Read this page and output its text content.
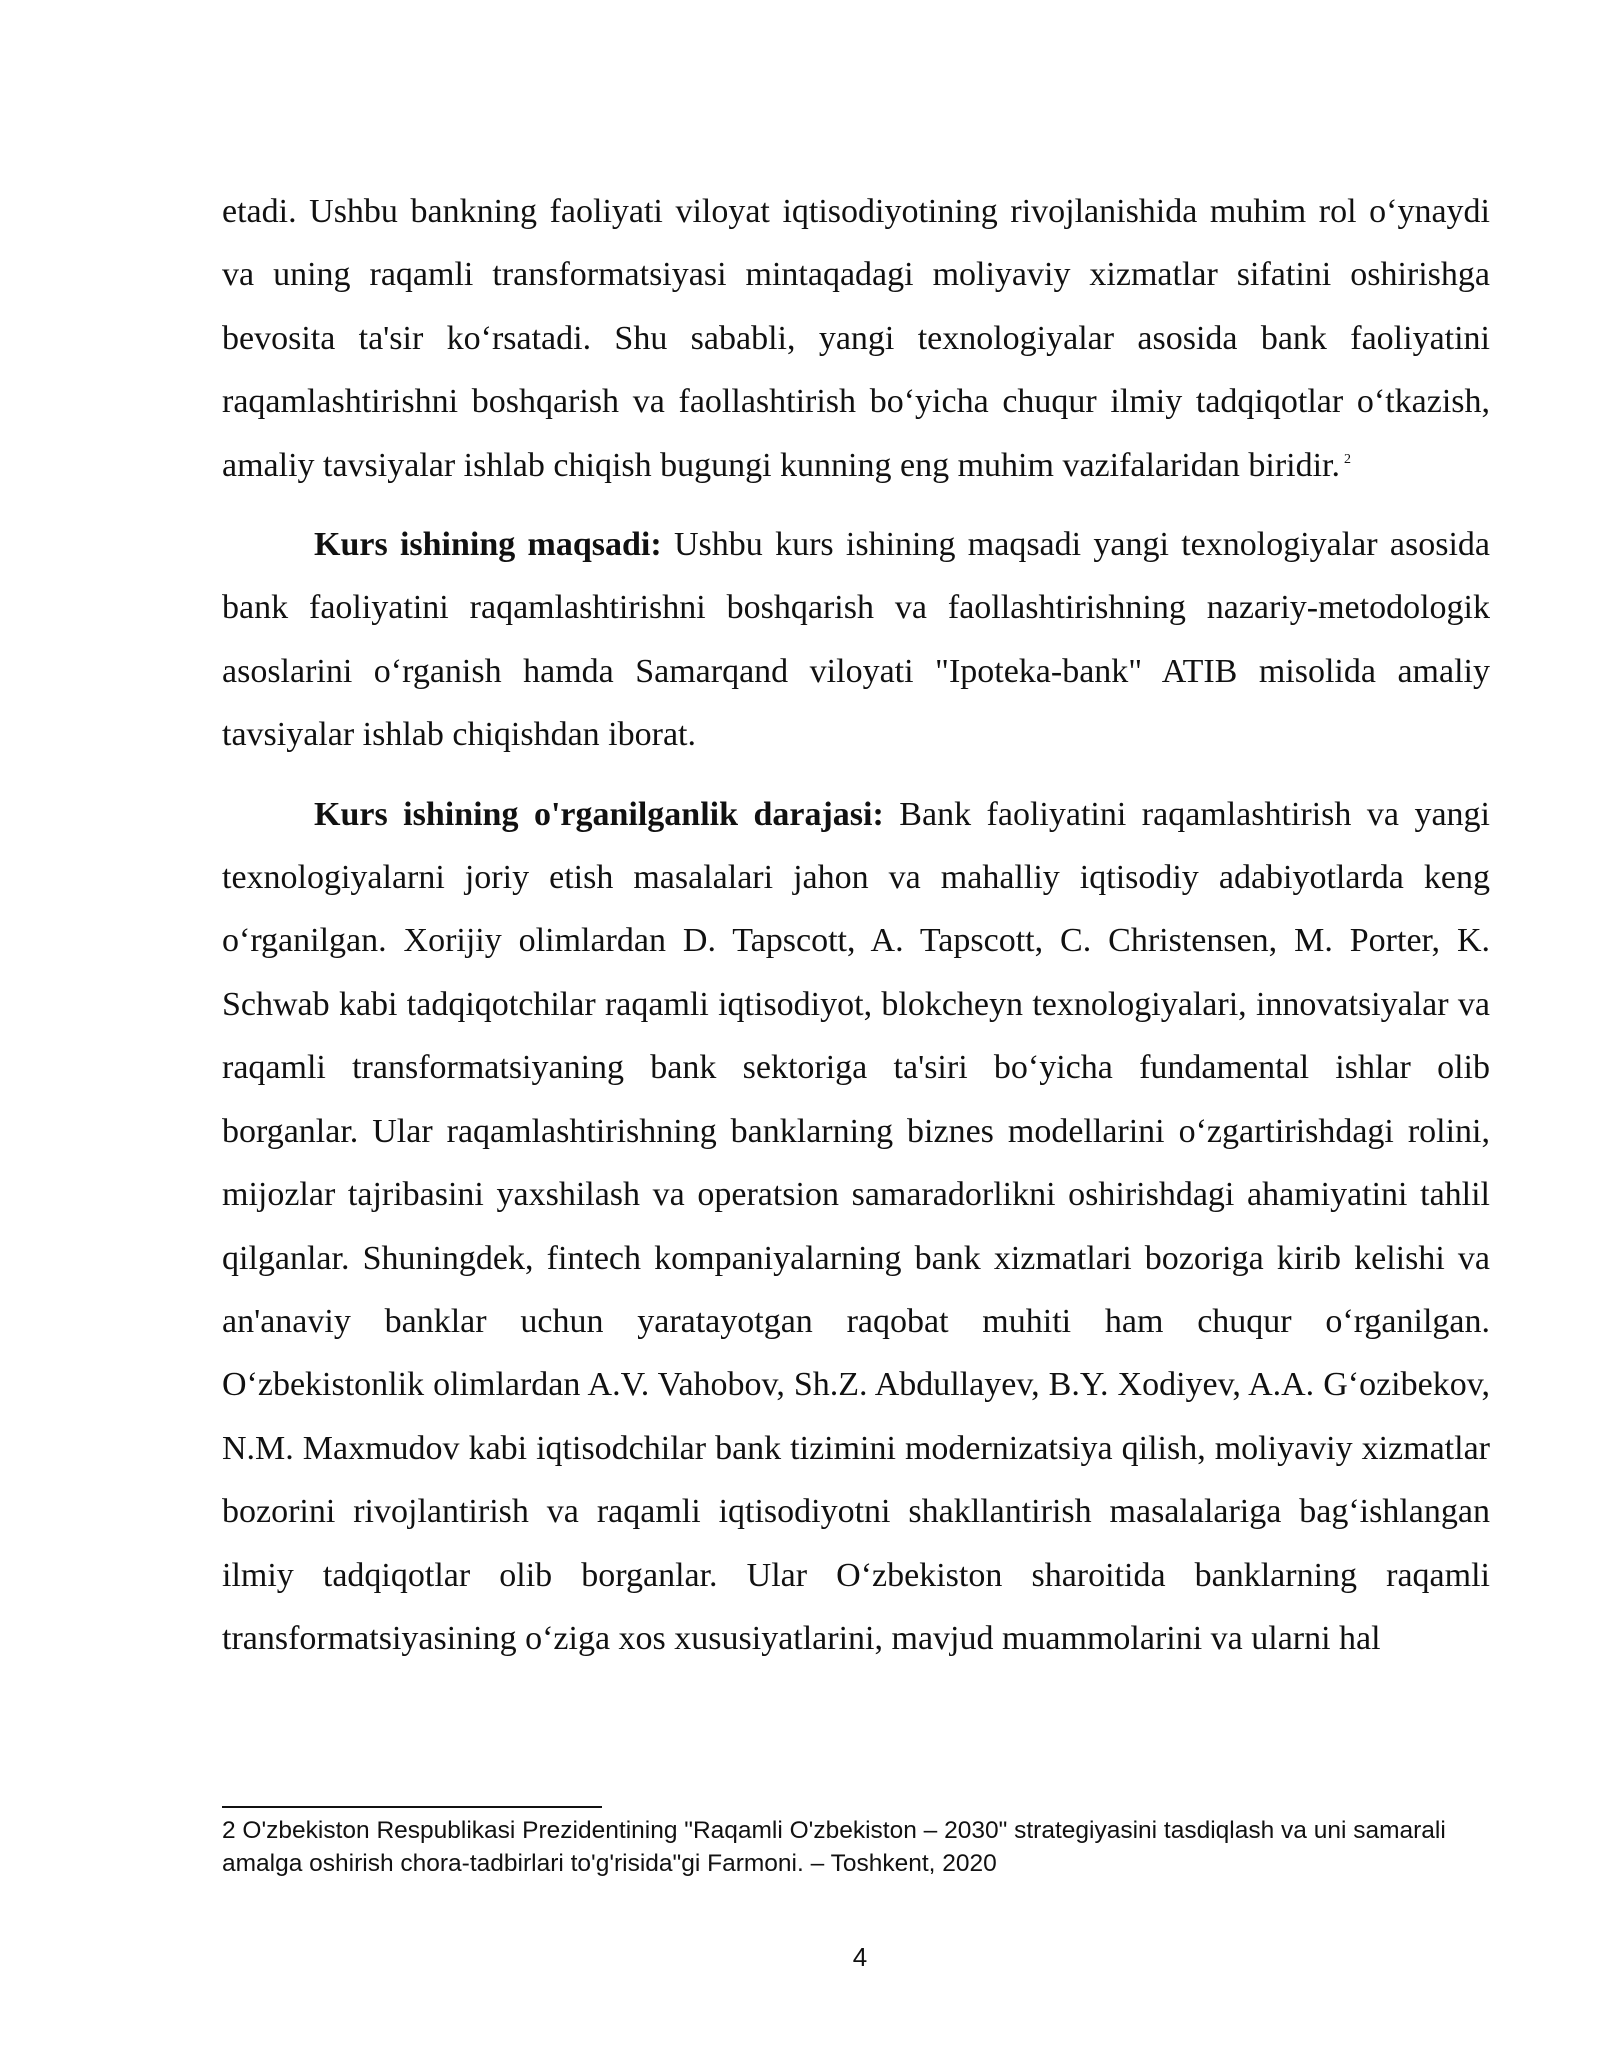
etadi. Ushbu bankning faoliyati viloyat iqtisodiyotining rivojlanishida muhim rol o‘ynaydi va uning raqamli transformatsiyasi mintaqadagi moliyaviy xizmatlar sifatini oshirishga bevosita ta'sir ko‘rsatadi. Shu sababli, yangi texnologiyalar asosida bank faoliyatini raqamlashtirishni boshqarish va faollashtirish bo‘yicha chuqur ilmiy tadqiqotlar o‘tkazish, amaliy tavsiyalar ishlab chiqish bugungi kunning eng muhim vazifalaridan biridir. $^2$

Kurs ishining maqsadi: Ushbu kurs ishining maqsadi yangi texnologiyalar asosida bank faoliyatini raqamlashtirishni boshqarish va faollashtirishning nazariy-metodologik asoslarini o‘rganish hamda Samarqand viloyati "Ipoteka-bank" ATIB misolida amaliy tavsiyalar ishlab chiqishdan iborat.

Kurs ishining o'rganilganlik darajasi: Bank faoliyatini raqamlashtirish va yangi texnologiyalarni joriy etish masalalari jahon va mahalliy iqtisodiy adabiyotlarda keng o‘rganilgan. Xorijiy olimlardan D. Tapscott, A. Tapscott, C. Christensen, M. Porter, K. Schwab kabi tadqiqotchilar raqamli iqtisodiyot, blokcheyn texnologiyalari, innovatsiyalar va raqamli transformatsiyaning bank sektoriga ta'siri bo‘yicha fundamental ishlar olib borganlar. Ular raqamlashtirishning banklarning biznes modellarini o‘zgartirishdagi rolini, mijozlar tajribasini yaxshilash va operatsion samaradorlikni oshirishdagi ahamiyatini tahlil qilganlar. Shuningdek, fintech kompaniyalarning bank xizmatlari bozoriga kirib kelishi va an'anaviy banklar uchun yaratayotgan raqobat muhiti ham chuqur o‘rganilgan. O‘zbekistonlik olimlardan A.V. Vahobov, Sh.Z. Abdullayev, B.Y. Xodiyev, A.A. G‘ozibekov, N.M. Maxmudov kabi iqtisodchilar bank tizimini modernizatsiya qilish, moliyaviy xizmatlar bozorini rivojlantirish va raqamli iqtisodiyotni shakllantirish masalalariga bag‘ishlangan ilmiy tadqiqotlar olib borganlar. Ular O‘zbekiston sharoitida banklarning raqamli transformatsiyasining o‘ziga xos xususiyatlarini, mavjud muammolarini va ularni hal

2 O'zbekiston Respublikasi Prezidentining "Raqamli O'zbekiston – 2030" strategiyasini tasdiqlash va uni samarali amalga oshirish chora-tadbirlari to'g'risida"gi Farmoni. – Toshkent, 2020
4
